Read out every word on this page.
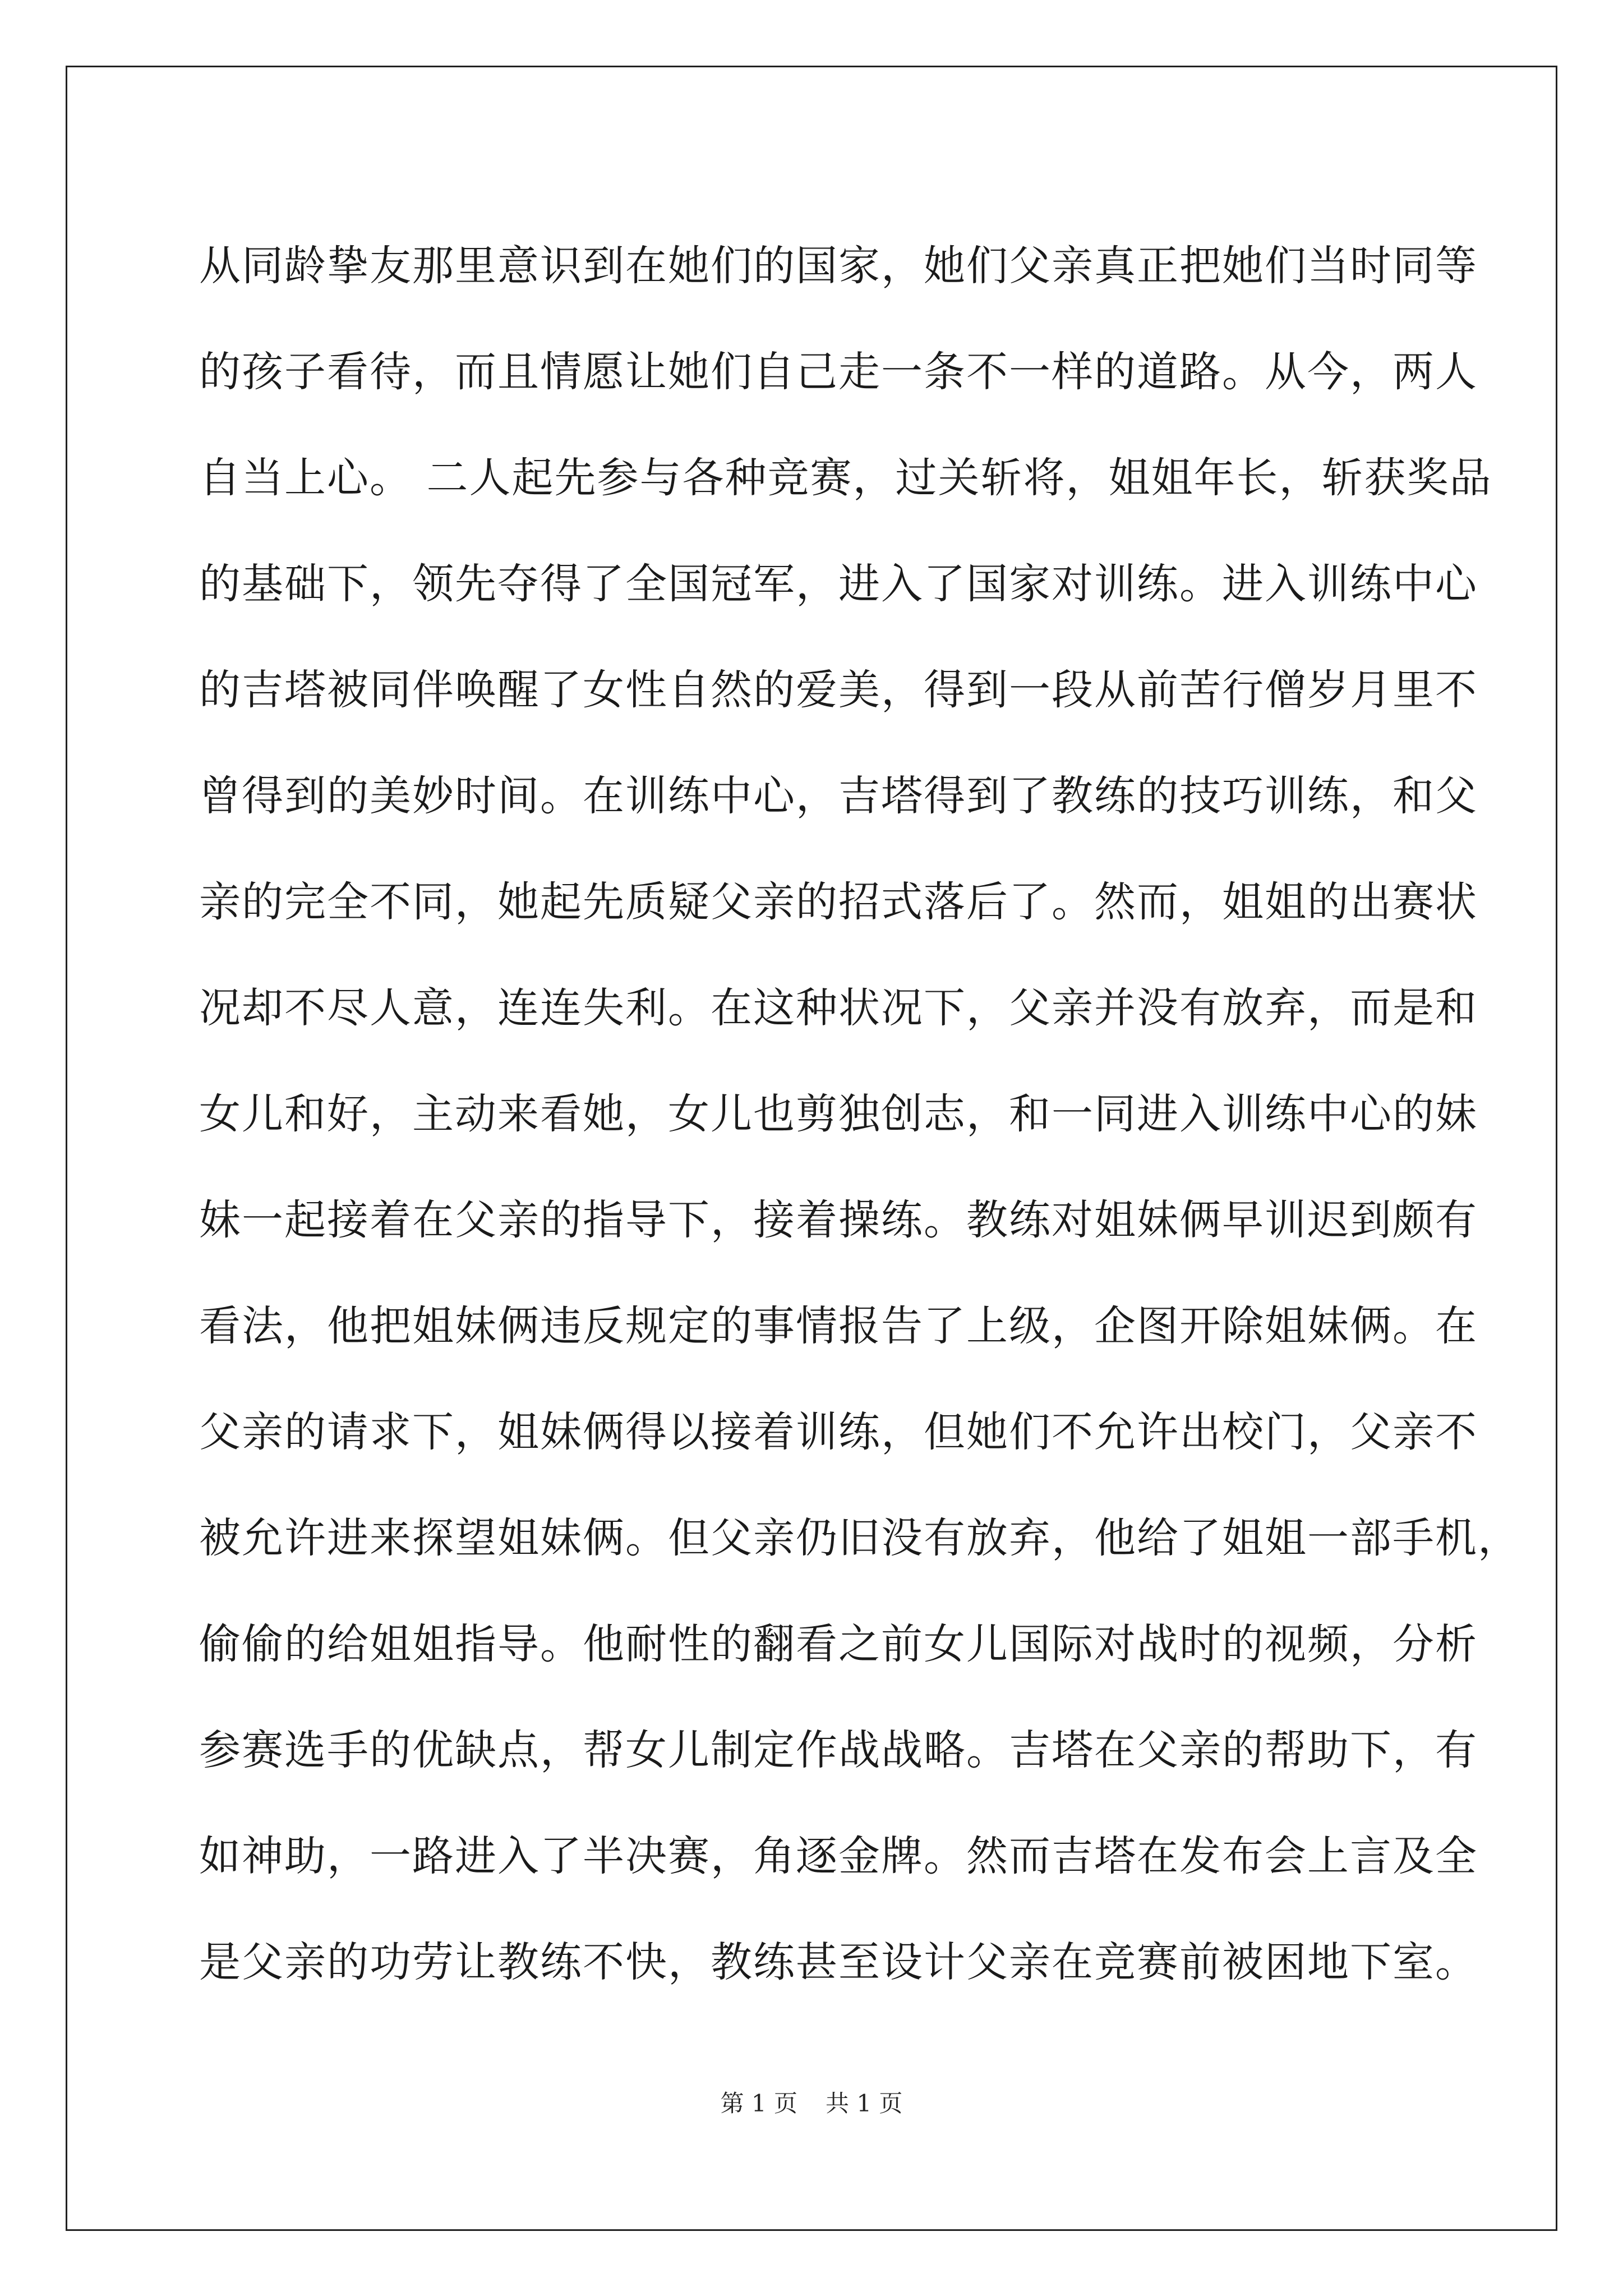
从同龄挚友那里意识到在她们的国家，她们父亲真正把她们当时同等
的孩子看待，而且情愿让她们自己走一条不一样的道路。从今，两人
自当上心。 二人起先参与各种竞赛，过关斩将，姐姐年长，斩获奖品
的基础下，领先夺得了全国冠军，进入了国家对训练。进入训练中心
的吉塔被同伴唤醒了女性自然的爱美，得到一段从前苦行僧岁月里不
曾得到的美妙时间。在训练中心，吉塔得到了教练的技巧训练，和父
亲的完全不同，她起先质疑父亲的招式落后了。然而，姐姐的出赛状
况却不尽人意，连连失利。在这种状况下，父亲并没有放弃，而是和
女儿和好，主动来看她，女儿也剪独创志，和一同进入训练中心的妹
妹一起接着在父亲的指导下，接着操练。教练对姐妹俩早训迟到颇有
看法，他把姐妹俩违反规定的事情报告了上级，企图开除姐妹俩。在
父亲的请求下，姐妹俩得以接着训练，但她们不允许出校门，父亲不
被允许进来探望姐妹俩。但父亲仍旧没有放弃，他给了姐姐一部手机，
偷偷的给姐姐指导。他耐性的翻看之前女儿国际对战时的视频，分析
参赛选手的优缺点，帮女儿制定作战战略。吉塔在父亲的帮助下，有
如神助，一路进入了半决赛，角逐金牌。然而吉塔在发布会上言及全
是父亲的功劳让教练不快，教练甚至设计父亲在竞赛前被困地下室。
第 1 页 共 1 页
